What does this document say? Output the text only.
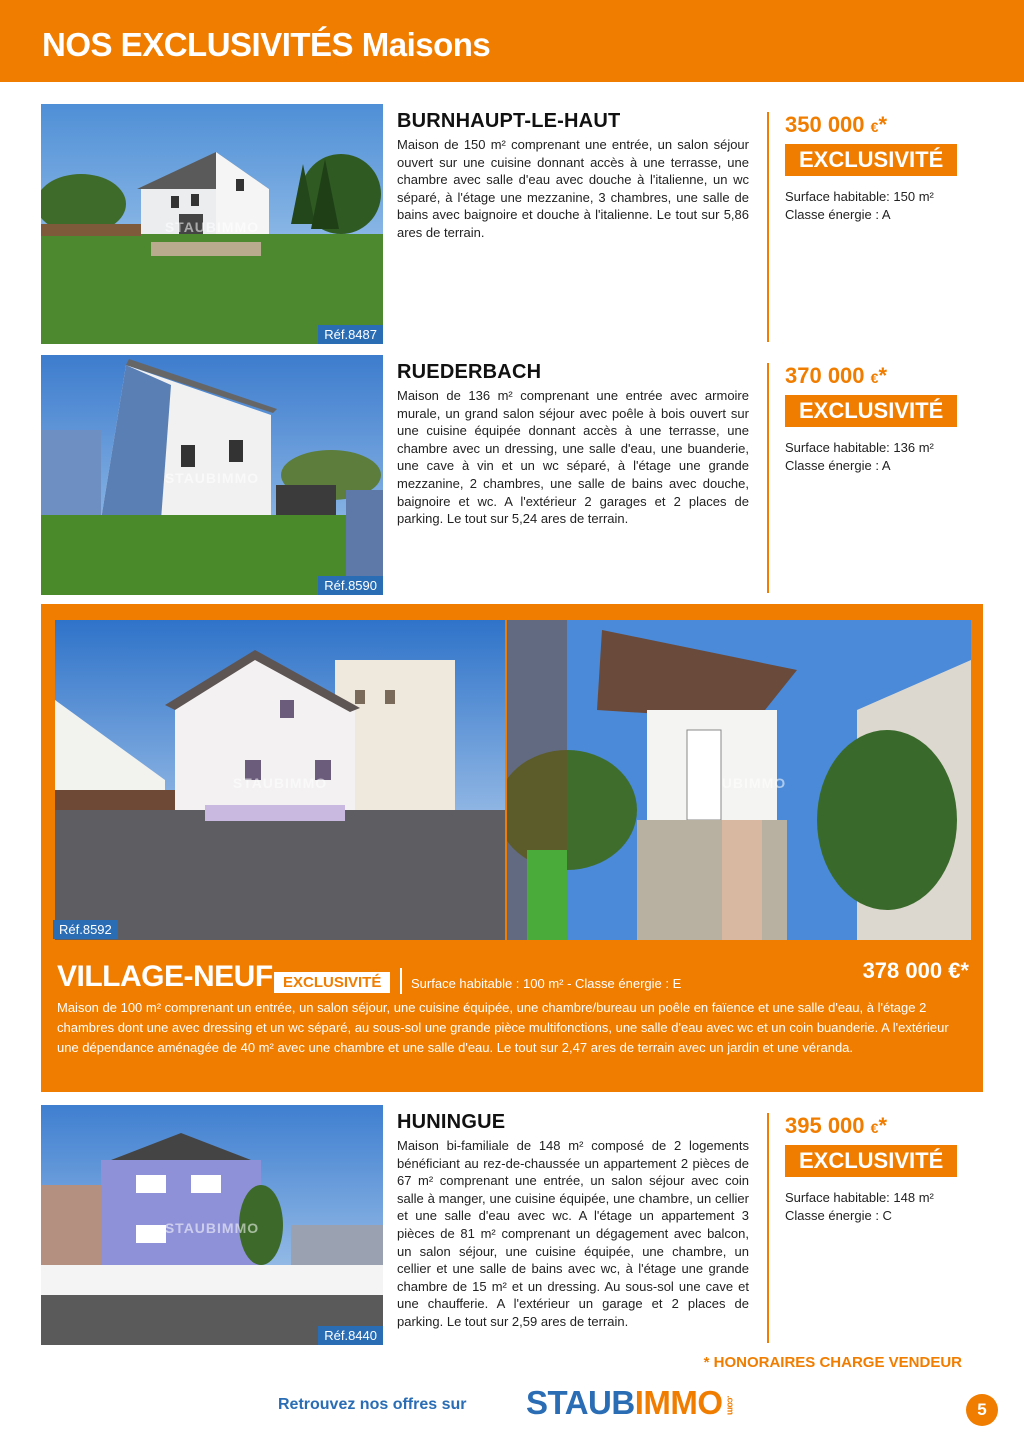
NOS EXCLUSIVITÉS Maisons
STAUBIMMO
Réf.8487
BURNHAUPT-LE-HAUT
Maison de 150 m² comprenant une entrée, un salon séjour ouvert sur une cuisine donnant accès à une terrasse, une chambre avec salle d'eau avec douche à l'italienne, un wc séparé, à l'étage une mezzanine, 3 chambres, une salle de bains avec baignoire et douche à l'italienne. Le tout sur 5,86 ares de terrain.
350 000 €*
EXCLUSIVITÉ
Surface habitable: 150 m²
Classe énergie : A
STAUBIMMO
Réf.8590
RUEDERBACH
Maison de 136 m² comprenant une entrée avec armoire murale, un grand salon séjour avec poêle à bois ouvert sur une cuisine équipée donnant accès à une terrasse, une chambre avec un dressing, une salle d'eau, une buanderie, une cave à vin et un wc séparé, à l'étage une grande mezzanine, 2 chambres, une salle de bains avec douche, baignoire et wc. A l'extérieur 2 garages et 2 places de parking. Le tout sur 5,24 ares de terrain.
370 000 €*
EXCLUSIVITÉ
Surface habitable: 136 m²
Classe énergie : A
STAUBIMMO	STAUBIMMO
Réf.8592
VILLAGE-NEUF EXCLUSIVITÉ	Surface habitable : 100 m² - Classe énergie : E
378 000 €*
Maison de 100 m² comprenant un entrée, un salon séjour, une cuisine équipée, une chambre/bureau un poêle en faïence et une salle d'eau, à l'étage 2 chambres dont une avec dressing et un wc séparé, au sous-sol une grande pièce multifonctions, une salle d'eau avec wc et un coin buanderie. A l'extérieur une dépendance aménagée de 40 m² avec une chambre et une salle d'eau. Le tout sur 2,47 ares de terrain avec un jardin et une véranda.
STAUBIMMO
Réf.8440
HUNINGUE
Maison bi-familiale de 148 m² composé de 2 logements bénéficiant au rez-de-chaussée un appartement 2 pièces de 67 m² comprenant une entrée, un salon séjour avec coin salle à manger, une cuisine équipée, une chambre, un cellier et une salle d'eau avec wc. A l'étage un appartement 3 pièces de 81 m² comprenant un dégagement avec balcon, un salon séjour, une cuisine équipée, une chambre, un cellier et une salle de bains avec wc, à l'étage une grande chambre de 15 m² et un dressing. Au sous-sol une cave et une chaufferie. A l'extérieur un garage et 2 places de parking. Le tout sur 2,59 ares de terrain.
395 000 €*
EXCLUSIVITÉ
Surface habitable: 148 m²
Classe énergie : C
* HONORAIRES CHARGE VENDEUR
Retrouvez nos offres sur STAUBIMMO .com	5
